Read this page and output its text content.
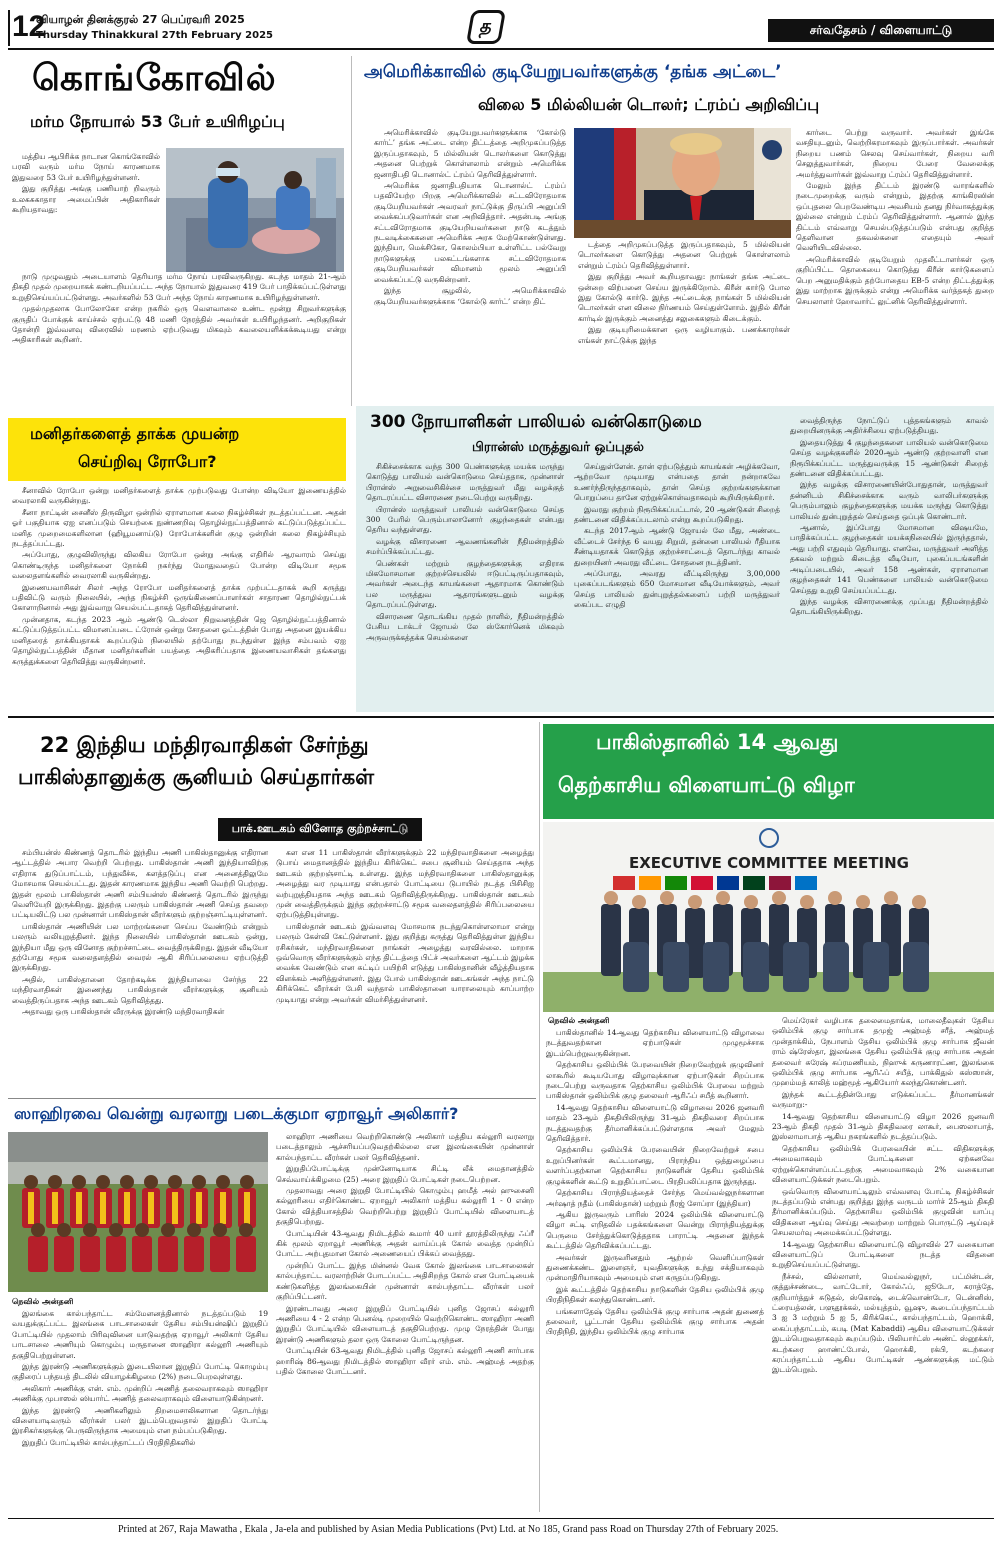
12
வியாழன் தினக்குரல் 27 பெப்ரவரி 2025
Thursday Thinakkural 27th February 2025	த	சர்வதேசம் / விளையாட்டு
கொங்கோவில்
மர்ம நோயால் 53 பேர் உயிரிழப்பு

மத்திய ஆபிரிக்க நாடான கொங்கோவில் பரவி வரும் மர்ம நோய் காரணமாக இதுவரை 53 பேர் உயிரிழந்துள்ளனர்.

இது குறித்து அங்கு பணியாற் றிவரும் உலகசுகாதார அமைப்பின் அதிகாரிகள் கூறியதாவது:

நாடு முழுவதும் அடையாளம் தெரியாத மர்ம நோய் பரவிவருகிறது. கடந்த மாதம் 21-ஆம் திகதி முதல் முறையாகக் கண்டறியப்பட்ட அந்த நோயால் இதுவரை 419 பேர் பாதிக்கப்பட்டுள்ளது உறுதிசெய்யப்பட்டுள்ளது. அவர்களில் 53 பேர் அந்த நோய் காரணமாக உயிரிழந்துள்ளனர்.

முதல்முதலாக போலோகோ என்ற நகரில் ஒரு வெளவாலை உண்ட மூன்று சிறுவர்களுக்கு குருதிப் போக்குக் காய்ச்சல் ஏற்பட்டு 48 மணி நேரத்தில் அவர்கள் உயிரிழந்தனர். அறிகுறிகள் தோன்றி இவ்வளவு விரைவில் மரணம் ஏற்படுவது மிகவும் கவலையளிக்கக்கூடியது என்று அதிகாரிகள் கூறினர்.

அமெரிக்காவில் குடியேறுபவர்களுக்கு ‘தங்க அட்டை’
விலை 5 மில்லியன் டொலர்; ட்ரம்ப் அறிவிப்பு

அமெரிக்காவில் குடியேறுபவர்களுக்காக ‘கோல்டு கார்ட்’ தங்க அட்டை என்ற திட்டத்தை அறிமுகப்படுத்த இருப்பதாகவும், 5 மில்லியன் டொலர்களை கொடுத்து அதனை பெற்றுக் கொள்ளலாம் என்றும் அமெரிக்க ஜனாதிபதி டொனால்ட் ட்ரம்ப் தெரிவித்துள்ளார்.

அமெரிக்க ஜனாதிபதியாக டொனால்ட் ட்ரம்ப் பதவியேற்ற பிறகு அமெரிக்காவில் சட்டவிரோதமாக குடியேறியவர்கள் அவரவர் நாட்டுக்கு திருப்பி அனுப்பி வைக்கப்படுவார்கள் என அறிவித்தார். அதன்படி அங்கு சட்டவிரோதமாக குடியேறியவர்களை நாடு கடத்தும் நடவடிக்கைகளை அமெரிக்க அரசு மேற்கொண்டுள்ளது. இந்தியா, மெக்சிகோ, கொலம்பியா உள்ளிட்ட பல்வேறு நாடுகளுக்கு பலகட்டங்களாக சட்டவிரோதமாக குடியேறியவர்கள் விமானம் மூலம் அனுப்பி வைக்கப்பட்டு வருகின்றனர்.

இந்த சூழலில், அமெரிக்காவில் குடியேறியவர்களுக்காக ‘கோல்டு கார்ட்’ என்ற திட்

டத்தை அறிமுகப்படுத்த இருப்பதாகவும், 5 மில்லியன் டொலர்களை கொடுத்து அதனை பெற்றுக் கொள்ளலாம் என்றும் ட்ரம்ப் தெரிவித்துள்ளார்.

இது குறித்து அவர் கூறியதாவது: நாங்கள் தங்க அட்டை ஒன்றை விற்பனை செய்ய இருக்கிறோம். கிரீன் கார்டு போல இது கோல்டு கார்டு. இந்த அட்டைக்கு நாங்கள் 5 மில்லியன் டொலர்கள் என விலை நிர்ணயம் செய்துள்ளோம். இதில் கிரீன் கார்டில் இருக்கும் அனைத்து சலுகைகளும் கிடைக்கும்.

இது குடியுரிமைக்கான ஒரு வழியாகும். பணக்காரர்கள் எங்கள் நாட்டுக்கு இந்த

கார்டை பெற்று வருவார். அவர்கள் இங்கே வசதியுடனும், வெற்றிகரமாகவும் இருப்பார்கள். அவர்கள் நிறைய பணம் செலவு செய்வார்கள், நிறைய வரி செலுத்துவார்கள், நிறைய பேரை வேலைக்கு அமர்த்துவார்கள் இவ்வாறு ட்ரம்ப் தெரிவித்துள்ளார்.

மேலும் இந்த திட்டம் இரண்டு வாரங்களில் நடைமுறைக்கு வரும் என்றும், இதற்கு காங்கிரஸின் ஒப்புதலை பெறவேண்டிய அவசியம் தனது நிர்வாகத்துக்கு இல்லை என்றும் ட்ரம்ப் தெரிவித்துள்ளார். ஆனால் இந்த திட்டம் எவ்வாறு செயல்படுத்தப்படும் என்பது குறித்த தெளிவான தகவல்களை எதையும் அவர் வெளியிடவில்லை.

அமெரிக்காவில் குடியேறும் முதலீட்டாளர்கள் ஒரு குறிப்பிட்ட தொகையை கொடுத்து கிரீன் கார்டுகளைப் பெற அனுமதிக்கும் தற்போதைய EB-5 என்ற திட்டத்துக்கு இது மாற்றாக இருக்கும் என்று அமெரிக்க வர்த்தகத் துறை செயலாளர் ஹோவார்ட் லுட்னிக் தெரிவித்துள்ளார்.

மனிதர்களைத் தாக்க முயன்ற
செய்றிவு ரோபோ?

சீனாவில் ரோபோ ஒன்று மனிதர்களைத் தாக்க முற்படுவது போன்ற விடியோ இணையத்தில் வைரலாகி வருகின்றது.

சீனா நாட்டின் சைனீஸ் திருவிழா ஒன்றில் ஏராளமான கலை நிகழ்ச்சிகள் நடத்தப்பட்டன. அதன் ஓர் பகுதியாக ஏஐ எனப்படும் செயற்கை நுண்ணறிவு தொழில்நுட்பத்தினால் கட்டுப்படுத்தப்பட்ட மனித முறைமைகளிலான (ஹியூமனாய்டு) ரோபோக்களின் குழு ஒன்றின் கலை நிகழ்ச்சியும் நடத்தப்பட்டது.

அப்போது, குழுவிலிருந்து விலகிய ரோபோ ஒன்று அங்கு எதிரில் ஆரவாரம் செய்து கொண்டிருந்த மனிதர்களை நோக்கி நகர்ந்து மோதுவதைப் போன்ற விடியோ சமூக வலைதளங்களில் வைரலாகி வருகின்றது.

இணையவாசிகள் சிலர் அந்த ரோபோ மனிதர்களைத் தாக்க முற்பட்டதாகக் கூறி கருத்து பதிவிட்டு வரும் நிலையில், அந்த நிகழ்ச்சி ஒருங்கிணைப்பாளர்கள் சாதாரண தொழில்நுட்பக் கோளாறினால் அது இவ்வாறு செயல்பட்டதாகத் தெரிவித்துள்ளனர்.

முன்னதாக, கடந்த 2023 ஆம் ஆண்டு டெஸ்லா நிறுவனத்தின் ஜெ தொழில்நுட்பத்தினால் கட்டுப்படுத்தப்பட்ட விமானப்படை ட்ரோன் ஒன்று சோதனை ஓட்டத்தின் போது அதனை இயக்கிய மனிதரைத் தாக்கியதாகக் கூறப்படும் நிலையில் தற்போது நடந்துள்ள இந்த சம்பவம் ஏஐ தொழில்நுட்பத்தின் மீதான மனிதர்களின் பயத்தை அதிகரிப்பதாக இணையவாசிகள் தங்களது கருத்துக்களை தெரிவித்து வருகின்றனர்.

300 நோயாளிகள் பாலியல் வன்கொடுமை
பிரான்ஸ் மருத்துவர் ஒப்புதல்

சிகிச்சைக்காக வந்த 300 பெண்களுக்கு மயக்க மருந்து கொடுத்து பாலியல் வன்கொடுமை செய்ததாக, முன்னாள் பிரான்ஸ் அறுவைசிகிச்சை மருத்துவர் மீது வழக்குத் தொடரப்பட்ட விசாரணை நடைபெற்று வருகிறது.

பிரான்ஸ் மருத்துவர் பாலியல் வன்கொடுமை செய்த 300 பேரில் பெரும்பாலானோர் குழந்தைகள் என்பது தெரிய வந்துள்ளது.

வழக்கு விசாரணை ஆவணங்களின் நீதிமன்றத்தில் சமர்ப்பிக்கப்பட்டது.

பெண்கள் மற்றும் குழந்தைகளுக்கு எதிராக மிகமோசமான குற்றச்செயலில் ஈடுபட்டிருப்பதாகவும், அவர்கள் அடைந்த காயங்களை ஆதாரமாக கொண்டும் பல மருத்துவ ஆதாரங்களுடனும் வழக்கு தொடரப்பட்டுள்ளது.

விசாரணை தொடங்கிய முதல் நாளில், நீதிமன்றத்தில் பேசிய டாக்டர் ஜோயல் லே ஸ்கோர்னெக் மிகவும் அருவருக்கத்தக்க செயல்களை

செய்துள்ளேன். தான் ஏற்படுத்தும் காயங்கள் அழிக்கவோ, ஆற்றவோ முடியாது என்பதை தான் நன்றாகவே உணர்ந்திருந்ததாகவும், தான் செய்த குற்றங்களுக்கான பொறுப்பை தானே ஏற்றுக்கொள்வதாகவும் கூறியிருக்கிறார்.

இவரது குற்றம் நிரூபிக்கப்பட்டால், 20 ஆண்டுகள் சிறைத் தண்டனை விதிக்கப்படலாம் என்று கூறப்படுகிறது.

கடந்த 2017ஆம் ஆண்டு ஜோயல் லே மீது, அண்டை வீட்டைச் சேர்ந்த 6 வயது சிறுமி, தன்னை பாலியல் ரீதியாக சீண்டியதாகக் கொடுத்த குற்றச்சாட்டைத் தொடர்ந்து காவல் துறையினர் அவரது வீட்டை சோதனை நடத்தினர்.

அப்போது, அவரது வீட்டிலிருந்து 3,00,000 புகைப்படங்களும் 650 மோசமான வீடியோக்களும், அவர் செய்த பாலியல் துன்புறுத்தல்களைப் பற்றி மருத்துவர் கைப்பட எழுதி

வைத்திருந்த நோட்டுப் புத்தகங்களும் காவல் துறையினருக்கு அதிர்ச்சியை ஏற்படுத்தியது.

இதையடுத்து 4 குழந்தைகளை பாலியல் வன்கொடுமை செய்த வழக்குகளில் 2020ஆம் ஆண்டு குற்றவாளி என நிரூபிக்கப்பட்ட மருத்துவருக்கு 15 ஆண்டுகள் சிறைத் தண்டனை விதிக்கப்பட்டது.

இந்த வழக்கு விசாரணையின்போதுதான், மருத்துவர் தன்னிடம் சிகிச்சைக்காக வரும் வாலிபர்களுக்கு பெரும்பாலும் குழந்தைகளுக்கு மயக்க மருந்து கொடுத்து பாலியல் துன்புறுத்தல் செய்ததை ஒப்புக் கொண்டார்.

ஆனால், இப்போது மோசமான விஷயமே, பாதிக்கப்பட்ட குழந்தைகள் மயக்கநிலையில் இருந்ததால், அது பற்றி எதுவும் தெரியாது. எனவே, மருத்துவர் அளித்த தகவல் மற்றும் கிடைத்த வீடியோ, புகைப்படங்களின் அடிப்படையில், அவர் 158 ஆண்கள், ஏராளமான குழந்தைகள் 141 பெண்களை பாலியல் வன்கொடுமை செய்தது உறுதி செய்யப்பட்டது.

இந்த வழக்கு விசாரணைக்கு முப்பது நீதிமன்றத்தில் தொடங்கியிருக்கிறது.

22 இந்திய மந்திரவாதிகள் சேர்ந்து
பாகிஸ்தானுக்கு சூனியம் செய்தார்கள்
பாக்.ஊடகம் வினோத குற்றச்சாட்டு

சம்பியன்ஸ் கிண்ணத் தொடரில் இந்திய அணி பாகிஸ்தானுக்கு எதிரான ஆட்டத்தில் அபார வெற்றி பெற்றது. பாகிஸ்தான் அணி இந்தியாவிற்கு எதிராக துடுப்பாட்டம், பந்துவீச்சு, களத்தடுப்பு என அனைத்திலுமே மோசமாக செயல்பட்டது. இதன் காரணமாக இந்திய அணி வெற்றி பெற்றது. இதன் மூலம் பாகிஸ்தான் அணி சம்பியன்ஸ் கிண்ணத் தொடரில் இருந்து வெளியேறி இருக்கிறது. இதற்கு பலரும் பாகிஸ்தான் அணி செய்த தவறை பட்டியலிட்டு பல முன்னாள் பாகிஸ்தான் வீரர்களும் குற்றஞ்சாட்டியுள்ளனர்.

பாகிஸ்தான் அணியின் பல மாற்றங்களை செய்ய வேண்டும் என்றும் பலரும் வலியுறுத்தினர். இந்த நிலையில் பாகிஸ்தான் ஊடகம் ஒன்று, இந்தியா மீது ஒரு வினோத குற்றச்சாட்டை வைத்திருக்கிறது. இதன் வீடியோ தற்போது சமூக வலைதளத்தில் வைரல் ஆகி சிரிப்பலையை ஏற்படுத்தி இருக்கிறது.

அதில், பாகிஸ்தானை தோற்கடிக்க இந்தியாவை சேர்ந்த 22 மந்திரவாதிகள் இணைந்து பாகிஸ்தான் வீரர்களுக்கு சூனியம் வைத்திருப்பதாக அந்த ஊடகம் தெரிவித்தது.

அதாவது ஒரு பாகிஸ்தான் வீரருக்கு இரண்டு மந்திரவாதிகள்

கள என 11 பாகிஸ்தான் வீரர்களுக்கும் 22 மந்திரவாதிகளை அழைத்து டுபாய் மைதானத்தில் இந்திய கிரிக்கெட் சபை சூனியம் செய்ததாக அந்த ஊடகம் குற்றஞ்சாட்டி உள்ளது. இந்த மந்திரவாதிகளை பாகிஸ்தானுக்கு அழைத்து வர முடியாது என்பதால் போட்டியை டுபாயில் நடத்த பிசிசிஐ வற்புறுத்தியதாக அந்த ஊடகம் தெரிவித்திருக்கிறது. பாகிஸ்தான் ஊடகம் முன் வைத்திருக்கும் இந்த குற்றச்சாட்டு சமூக வலைதளத்தில் சிரிப்பலையை ஏற்படுத்தியுள்ளது.

பாகிஸ்தான் ஊடகம் இவ்வளவு மோசமாக நடந்துகொள்ளலாமா என்று பலரும் கேள்வி கேட்டுள்ளனர். இது குறித்து கருத்து தெரிவித்துள்ள இந்திய ரசிகர்கள், மந்திரவாதிகளை நாங்கள் அழைத்து வரவில்லை. மாறாக ஒவ்வொரு வீரர்களுக்கும் எந்த திட்டத்தை பிட்ச் அவர்களை ஆட்டம் இழக்க வைக்க வேண்டும் என சுட்டிப் பயிற்சி எடுத்து பாகிஸ்தானின் வீழ்த்தியதாக விளக்கம் அளித்துள்ளனர். இது போல் பாகிஸ்தான் ஊடகங்கள் அந்த நாட்டு கிரிக்கெட் வீரர்கள் பேசி வந்தால் பாகிஸ்தானை யாராலையும் காப்பாற்ற முடியாது என்று அவர்கள் விமர்சித்துள்ளனர்.

பாகிஸ்தானில் 14 ஆவது
தெற்காசிய விளையாட்டு விழா
EXECUTIVE COMMITTEE MEETING
நெவில் அன்தனி

பாகிஸ்தானில் 14ஆவது தெற்காசிய விளையாட்டு விழாவை நடத்துவதற்கான ஏற்பாடுகள் முழுமூச்சாக இடம்பெற்றுவருகின்றன.

தெற்காசிய ஒலிம்பிக் பேரவையின் நிறைவேற்றுக் குழுவினர் லாகூரில் கூடியபோது விழாவுக்கான ஏற்பாடுகள் சிறப்பாக நடைபெற்று வருவதாக தெற்காசிய ஒலிம்பிக் பேரவை மற்றும் பாகிஸ்தான் ஒலிம்பிக் குழு தலைவர் ஆரிஃப் சயீத் கூறினார்.

14ஆவது தெற்காசிய விளையாட்டு விழாவை 2026 ஜனவரி மாதம் 23ஆம் திகதியிலிருந்து 31ஆம் திகதிவரை சிறப்பாக நடத்துவதற்கு தீர்மானிக்கப்பட்டுள்ளதாக அவர் மேலும் தெரிவித்தார்.

தெற்காசிய ஒலிம்பிக் பேரவையின் நிறைவேற்றுச் சபை உறுப்பினர்கள் கூட்டமானது, பிராந்திய ஒத்துழைப்பை வளர்ப்பதற்கான தெற்காசிய நாடுகளின் தேசிய ஒலிம்பிக் குழுக்களின் கூட்டு உறுதிப்பாட்டை பிரதிபலிப்பதாக இருந்தது.

தெற்காசிய பிராந்தியத்தைச் சேர்ந்த மெய்வல்லுநர்களான அர்ஷாத் நதீம் (பாகிஸ்தான்) மற்றும் நீரஜ் சோப்ரா (இந்தியா)

ஆகிய இருவரும் பாரிஸ் 2024 ஒலிம்பிக் விளையாட்டு விழா சட்டி எறிதலில் பதக்கங்களை வென்று பிராந்தியத்துக்கு பெருமை சேர்த்துக்கொடுத்ததாக பாராட்டி அதனை இந்தக் கூட்டத்தில் தெரிவிக்கப்பட்டது.

அவர்கள் இருவரினதும் ஆற்றல் வெளிப்பாடுகள் துணைக்கண்ட இளைஞர், யுவதிகளுக்கு உந்து சக்தியாகவும் முன்மாதிரியாகவும் அமையும் என கருதப்படுகிறது.

இக் கூட்டத்தில் தெற்காசிய நாடுகளின் தேசிய ஒலிம்பிக் குழு பிரதிநிதிகள் கலந்துகொண்டனர்.

பங்களாதேஷ் தேசிய ஒலிம்பிக் குழு சார்பாக அதன் துணைத் தலைவர், பூட்டான் தேசிய ஒலிம்பிக் குழு சார்பாக அதன் பிரதிநிதி, இந்திய ஒலிம்பிக் குழு சார்பாக

மெய்ரேகர் வழிபாக தலைமைதாங்க, மாலைதீவுகள் தேசிய ஒலிம்பிக் குழு சார்பாக தமுஜ் அஹ்மத் சரீத், அஹ்மத் முன்தாக்கிம், நேபாளம் தேசிய ஒலிம்பிக் குழு சார்பாக ஜீவன் ராம் ஷ்ரேஸ்தா, இலங்கை தேசிய ஒலிம்பிக் குழு சார்பாக அதன் தலைவர் சுரேஷ் சுப்ரமணியம், நிஹுக் கருணாரட்ண, இலங்கை ஒலிம்பிக் குழு சார்பாக ஆரிஃப் சயீத், பாக்கிதுல் கஸ்ஸான், முஹம்மத் காலித் மஹ்மூத் ஆகியோர் கலந்துகொண்டனர்.

இந்தக் கூட்டத்தின்போது எடுக்கப்பட்ட தீர்மானங்கள் வருமாறு:-

14ஆவது தெற்காசிய விளையாட்டு விழா 2026 ஜனவரி 23ஆம் திகதி முதல் 31ஆம் திகதிவரை லாகூர், பைஸலாபாத், இஸ்லாமாபாத் ஆகிய நகரங்களில் நடத்தப்படும்.

தெற்காசிய ஒலிம்பிக் பேரவையின் சட்ட விதிகளுக்கு அமைவாகவும் போட்டிகளை ஏற்கனவே ஏற்றுக்கொள்ளப்பட்டதற்கு அமைவாகவும் 2% வகையான விளையாட்டுக்கள் நடைபெறும்.

ஒவ்வொரு விளையாட்டிலும் எவ்வளவு போட்டி நிகழ்ச்சிகள் நடத்தப்படும் என்பது குறித்து இந்த வருடம் மார்ச் 25ஆம் திகதி தீர்மானிக்கப்படும். தெற்காசிய ஒலிம்பிக் குழுவின் யாப்பு விதிகளை ஆய்வு செய்து அவற்றை மாற்றும் பொருட்டு ஆய்வுச் செயலமர்வு அமைக்கப்பட்டுள்ளது.

14ஆவது தெற்காசிய விளையாட்டு விழாவில் 27 வகையான விளையாட்டுப் போட்டிகளை நடத்த விதனை உறுதிசெய்யப்பட்டுள்ளது.

நீச்சல், வில்லாளர், மெய்வல்லுநர், பட்மின்டன், குத்துச்சண்டை, வாட்டோர், கோல்ஃப், ஜூடோ, கராத்தே, குறிபார்த்துச் சுடுதல், ஸ்கொஷ், டைக்வொண்டோ, டென்னிஸ், ட்ரையத்லன், பளுதூக்கல், மல்யுத்தம், வூஷு, கூடைப்பந்தாட்டம் 3 ஐ 3 மற்றும் 5 ஐ 5, கிரிக்கெட், கால்பந்தாட்டம், ஹொக்கி, கைப்பந்தாட்டம், கபடி (Mat Kabaddi) ஆகிய விளையாட்டுக்கள் இடம்பெறுவதாகவும் கூறப்படும். பிலியார்ட்ஸ் அண்ட் ஸ்னூக்கர், கடற்கரை ஹாண்ட்போல், ஹொக்கி, ரக்பி, கடற்கரை கரப்பந்தாட்டம் ஆகிய போட்டிகள் ஆண்களுக்கு மட்டும் இடம்பெறும்.

ஸாஹிரவை வென்று வரலாறு படைக்குமா ஏறாவூர் அலிகார்?
நெவில் அன்தனி

இலங்கை கால்பந்தாட்ட சம்மேளனத்தினால் நடத்தப்படும் 19 வயதுக்குட்பட்ட இலங்கை பாடசாலைகள் தேசிய சம்பியன்ஷிப் இறுதிப் போட்டியில் முதலாம் பிரிவுவினை யாடுவதற்கு ஏறாவூர் அலிகார் தேசிய பாடசாலை அணியும் கொழும்பு மருதானை ஸாஹிரா கல்லூரி அணியும் தகுதிபெற்றுள்ளன.

இந்த இரண்டு அணிகளுக்கும் இடையிலான இறுதிப் போட்டி கொழும்பு குதிரைப் பந்தயத் திடலில் வியாழக்கிழமை (2%) நடைபெறவுள்ளது.

அலிகார் அணிக்கு என். எம். முன்றிப் அணித் தலைவராகவும் ஸாஹிரா அணிக்கு முபாஸல் ஸியார்ட் அணித் தலைவராகவும் விளையாடுகின்றனர்.

இந்த இரண்டு அணிகளிலும் திறமைசாலிகளான தொடர்ந்து விளையாடிவரும் வீரர்கள் பலர் இடம்பெறுவதால் இறுதிப் போட்டி இரசிகர்களுக்கு பெருவிருந்தாக அமையும் என நம்பப்படுகிறது.

இறுதிப் போட்டியில் கால்பந்தாட்டப் பிரதிநிதிகளில்

லாஹிரா அணியை வெற்றிகொண்டு அலிகார் மத்திய கல்லூரி வரலாறு படைத்தாலும் ஆச்சரியப்படுவதற்கில்லை என இலங்கையின் முன்னாள் கால்பந்தாட்ட வீரர்கள் பலர் தெரிவித்தனர்.

இறுதிப்போட்டிக்கு முன்னோடியாக சிட்டி லீக் மைதானத்தில் செவ்வாய்க்கிழமை (25) அரை இறுதிப் போட்டிகள் நடைபெற்றன.

முதலாவது அரை இறுதி போட்டியில் கொழும்பு ஹமீத் அல் ஹுசைனி கல்லூரியை எதிர்கொண்ட ஏறாவூர் அலிகார் மத்திய கல்லூரி 1 - 0 என்ற கோல் வித்தியாசத்தில் வெற்றிபெற்று இறுதிப் போட்டியில் விளையாடத் தகுதிபெற்றது.

போட்டியின் 43ஆவது நிமிடத்தில் கூமார் 40 யார் தூரத்திலிருந்து ஃப்ரீ கிக் மூலம் ஏறாவூர் அணிக்கு அதன் வாய்ப்புக் கோல் வைத்த முன்றிப் போட்ட அற்புதமான கோல் அணையைப் பிக்கப் வைத்தது.

முன்றிப் போட்ட இந்த மின்னல் வேக கோல் இலங்கை பாடசாலைகள் கால்பந்தாட்ட வரலாற்றின் போடப்பட்ட அதிசிறந்த கோல் என போட்டியைக் கண்டுகளித்த இலங்கையின் முன்னாள் கால்பந்தாட்ட வீரர்கள் பலர் குறிப்பிட்டனர்.

இரண்டாவது அரை இறுதிப் போட்டியில் புனித ஜோசப் கல்லூரி அணியை 4 - 2 என்ற பெனல்டி முறையில் வெற்றிகொண்ட ஸாஹிரா அணி இறுதிப் போட்டியில் விளையாடத் தகுதிபெற்றது. முழு நேரத்தின் போது இரண்டு அணிகளும் தலா ஒரு கோலை போட்டிருந்தன.

போட்டியின் 63ஆவது நிமிடத்தில் புனித ஜோசப் கல்லூரி அணி சார்பாக ஹாரிஷ் 86ஆவது நிமிடத்தில் ஸாஹிரா வீரர் எம். எம். அஹ்மத் அதற்கு பதில் கோலை போட்டனர்.

Printed at 267, Raja Mawatha , Ekala , Ja-ela and published by Asian Media Publications (Pvt) Ltd. at No 185, Grand pass Road on Thursday 27th of February 2025.
